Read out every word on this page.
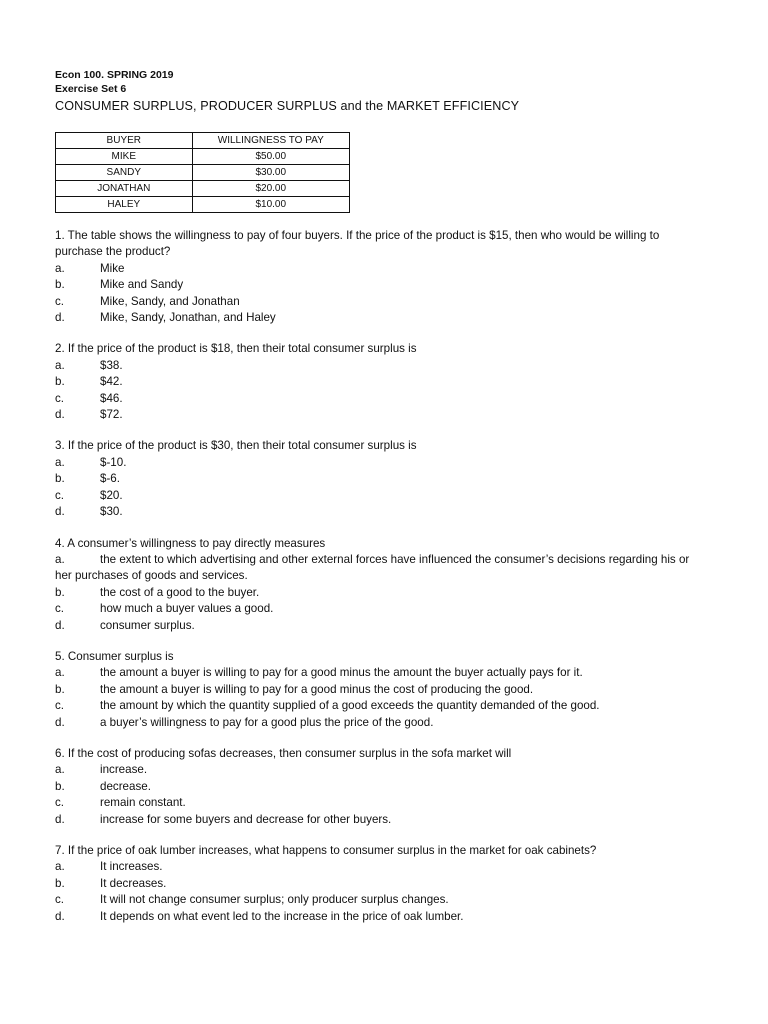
Econ 100. SPRING 2019
Exercise Set 6
CONSUMER SURPLUS, PRODUCER SURPLUS and the MARKET EFFICIENCY
BUYER	WILLINGNESS TO PAY
MIKE	$50.00
SANDY	$30.00
JONATHAN	$20.00
HALEY	$10.00
1. The table shows the willingness to pay of four buyers. If the price of the product is $15, then who would be willing to purchase the product?
a.	Mike
b.	Mike and Sandy
c.	Mike, Sandy, and Jonathan
d.	Mike, Sandy, Jonathan, and Haley
2. If the price of the product is $18, then their total consumer surplus is
a.	$38.
b.	$42.
c.	$46.
d.	$72.
3. If the price of the product is $30, then their total consumer surplus is
a.	$-10.
b.	$-6.
c.	$20.
d.	$30.
4. A consumer’s willingness to pay directly measures
a.	the extent to which advertising and other external forces have influenced the consumer’s decisions regarding his or her purchases of goods and services.
b.	the cost of a good to the buyer.
c.	how much a buyer values a good.
d.	consumer surplus.
5. Consumer surplus is
a.	the amount a buyer is willing to pay for a good minus the amount the buyer actually pays for it.
b.	the amount a buyer is willing to pay for a good minus the cost of producing the good.
c.	the amount by which the quantity supplied of a good exceeds the quantity demanded of the good.
d.	a buyer’s willingness to pay for a good plus the price of the good.
6. If the cost of producing sofas decreases, then consumer surplus in the sofa market will
a.	increase.
b.	decrease.
c.	remain constant.
d.	increase for some buyers and decrease for other buyers.
7. If the price of oak lumber increases, what happens to consumer surplus in the market for oak cabinets?
a.	It increases.
b.	It decreases.
c.	It will not change consumer surplus; only producer surplus changes.
d.	It depends on what event led to the increase in the price of oak lumber.
